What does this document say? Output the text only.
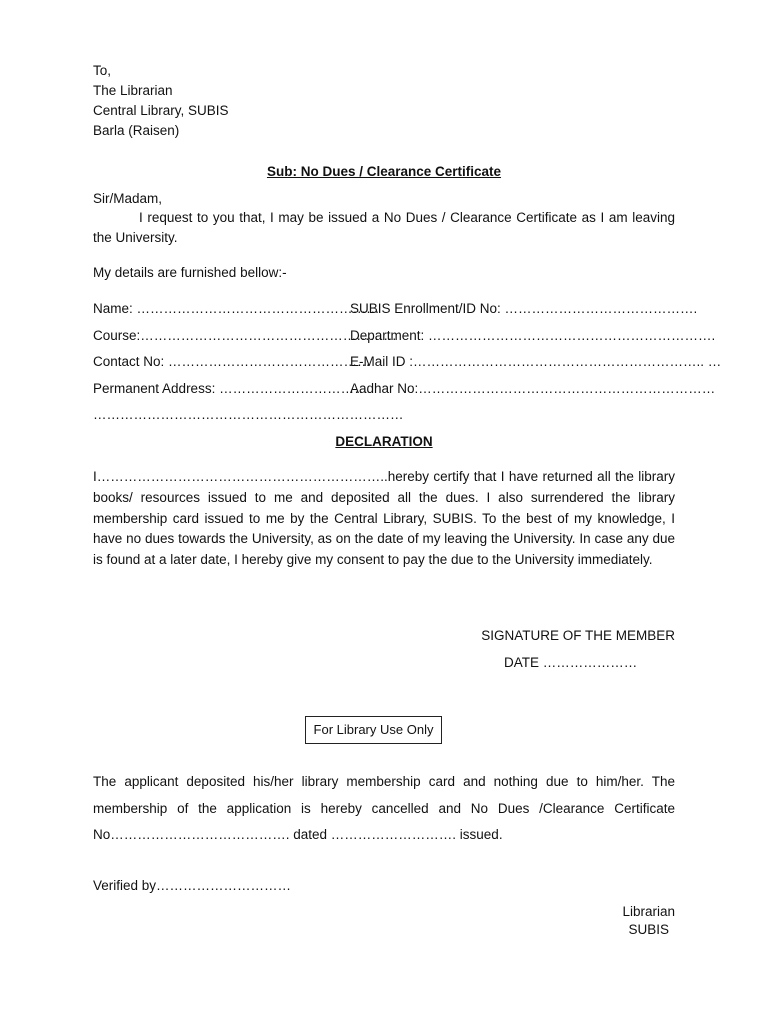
To,
The Librarian
Central Library, SUBIS
Barla (Raisen)
Sub: No Dues / Clearance Certificate
Sir/Madam,
I request to you that, I may be issued a No Dues / Clearance Certificate as I am leaving the University.
My details are furnished bellow:-
Name: ………………………………………………
SUBIS Enrollment/ID No: …………………………………….
Course:…………………………………………………
Department: ……………………………………………………….
Contact No: ………………………………………
E-Mail ID :……………………………………………………….. …
Permanent Address: ……………………………
Aadhar No:…………………………………………………………
……………………………………………………………
DECLARATION
I………………………………………………………..hereby certify that I have returned all the library books/ resources issued to me and deposited all the dues. I also surrendered the library membership card issued to me by the Central Library, SUBIS. To the best of my knowledge, I have no dues towards the University, as on the date of my leaving the University. In case any due is found at a later date, I hereby give my consent to pay the due to the University immediately.
SIGNATURE OF THE MEMBER
DATE …………………
For Library Use Only
The applicant deposited his/her library membership card and nothing due to him/her. The membership of the application is hereby cancelled and No Dues /Clearance Certificate No…………………………………. dated ………………………. issued.
Verified by…………………………
Librarian
SUBIS
